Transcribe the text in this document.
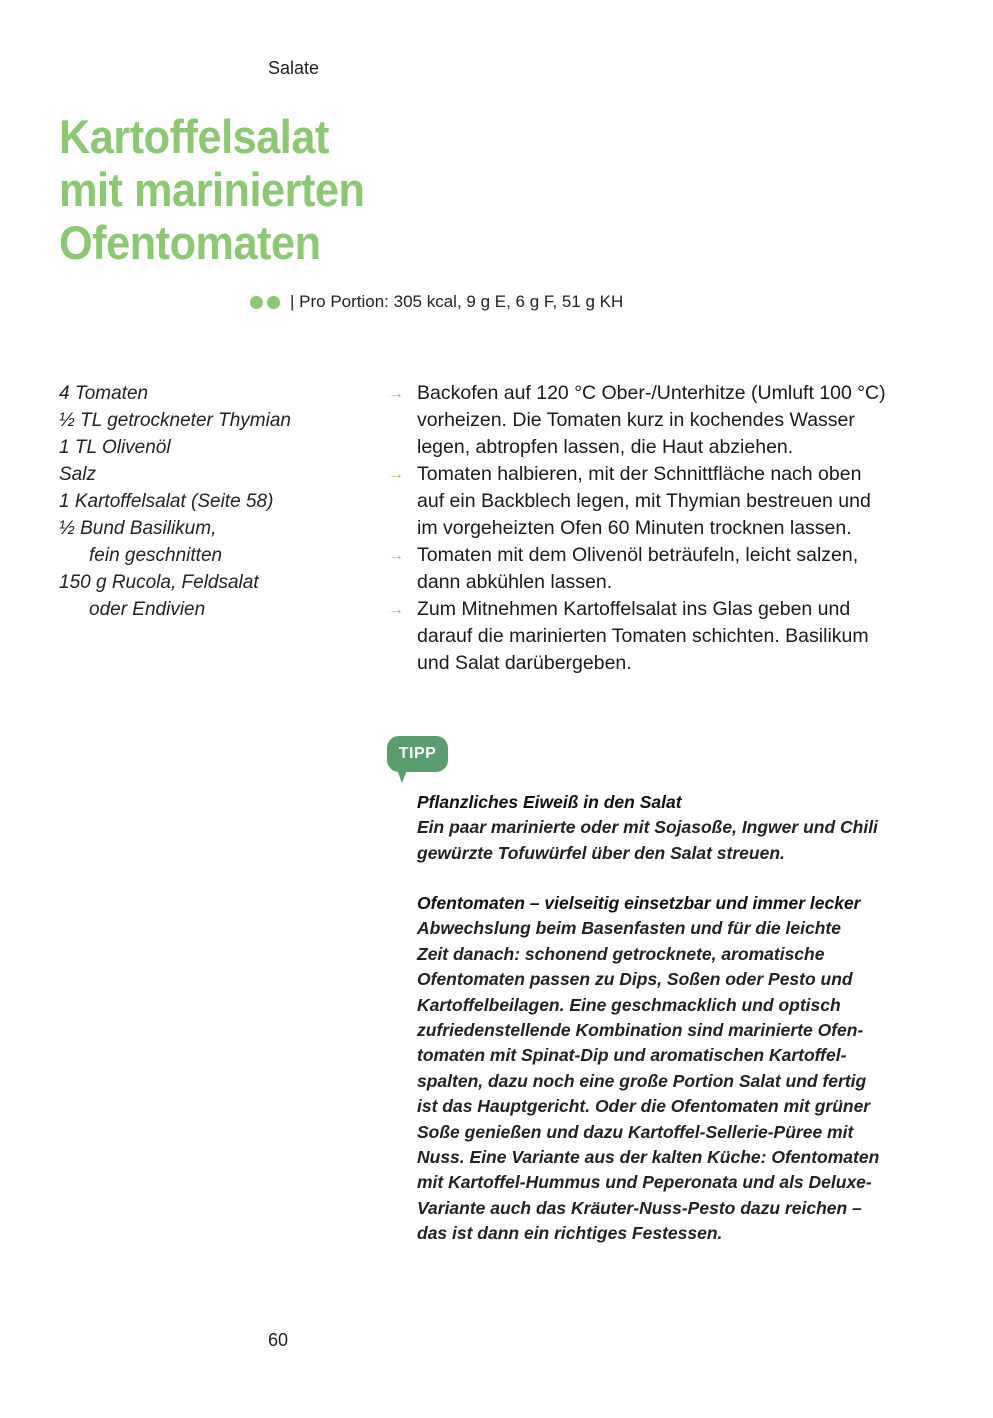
Salate
Kartoffelsalat
mit marinierten
Ofentomaten
| Pro Portion: 305 kcal, 9 g E, 6 g F, 51 g KH
4 Tomaten
½ TL getrockneter Thymian
1 TL Olivenöl
Salz
1 Kartoffelsalat (Seite 58)
½ Bund Basilikum,
fein geschnitten
150 g Rucola, Feldsalat
oder Endivien
→ Backofen auf 120 °C Ober-/Unterhitze (Umluft 100 °C)
vorheizen. Die Tomaten kurz in kochendes Wasser
legen, abtropfen lassen, die Haut abziehen.
→ Tomaten halbieren, mit der Schnittfläche nach oben
auf ein Backblech legen, mit Thymian bestreuen und
im vorgeheizten Ofen 60 Minuten trocknen lassen.
→ Tomaten mit dem Olivenöl beträufeln, leicht salzen,
dann abkühlen lassen.
→ Zum Mitnehmen Kartoffelsalat ins Glas geben und
darauf die marinierten Tomaten schichten. Basilikum
und Salat darübergeben.
TIPP
Pflanzliches Eiweiß in den Salat
Ein paar marinierte oder mit Sojasoße, Ingwer und Chili
gewürzte Tofuwürfel über den Salat streuen.
Ofentomaten – vielseitig einsetzbar und immer lecker
Abwechslung beim Basenfasten und für die leichte
Zeit danach: schonend getrocknete, aromatische
Ofentomaten passen zu Dips, Soßen oder Pesto und
Kartoffelbeilagen. Eine geschmacklich und optisch
zufriedenstellende Kombination sind marinierte Ofen-
tomaten mit Spinat-Dip und aromatischen Kartoffel-
spalten, dazu noch eine große Portion Salat und fertig
ist das Hauptgericht. Oder die Ofentomaten mit grüner
Soße genießen und dazu Kartoffel-Sellerie-Püree mit
Nuss. Eine Variante aus der kalten Küche: Ofentomaten
mit Kartoffel-Hummus und Peperonata und als Deluxe-
Variante auch das Kräuter-Nuss-Pesto dazu reichen –
das ist dann ein richtiges Festessen.
60
